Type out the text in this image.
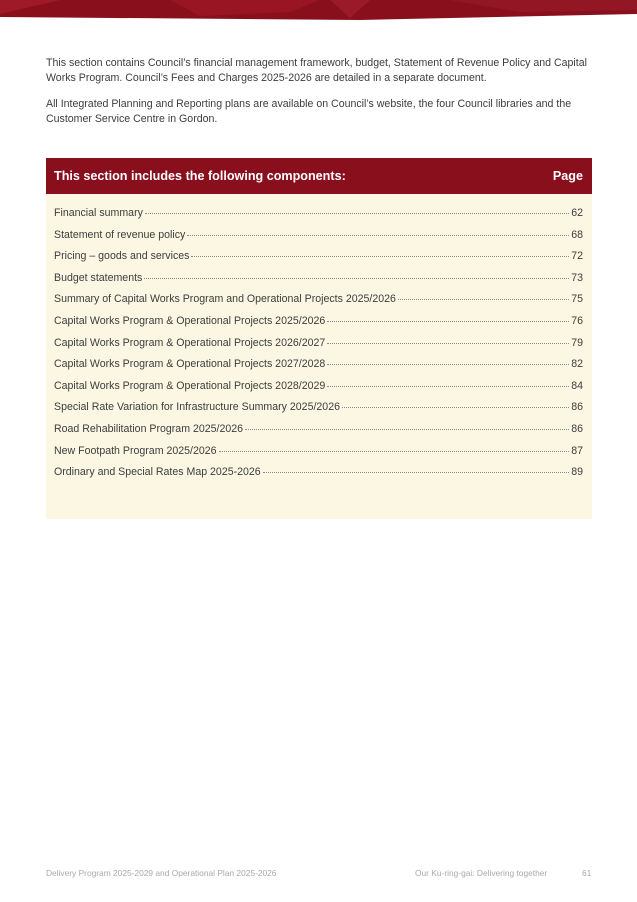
This section contains Council’s financial management framework, budget, Statement of Revenue Policy and Capital Works Program. Council’s Fees and Charges 2025-2026 are detailed in a separate document.

All Integrated Planning and Reporting plans are available on Council’s website, the four Council libraries and the Customer Service Centre in Gordon.

This section includes the following components:	Page
Financial summary	62
Statement of revenue policy	68
Pricing – goods and services	72
Budget statements	73
Summary of Capital Works Program and Operational Projects 2025/2026	75
Capital Works Program & Operational Projects 2025/2026	76
Capital Works Program & Operational Projects 2026/2027	79
Capital Works Program & Operational Projects 2027/2028	82
Capital Works Program & Operational Projects 2028/2029	84
Special Rate Variation for Infrastructure Summary 2025/2026	86
Road Rehabilitation Program 2025/2026	86
New Footpath Program 2025/2026	87
Ordinary and Special Rates Map 2025-2026	89
Delivery Program 2025-2029 and Operational Plan 2025-2026	Our Ku-ring-gai: Delivering together	61
